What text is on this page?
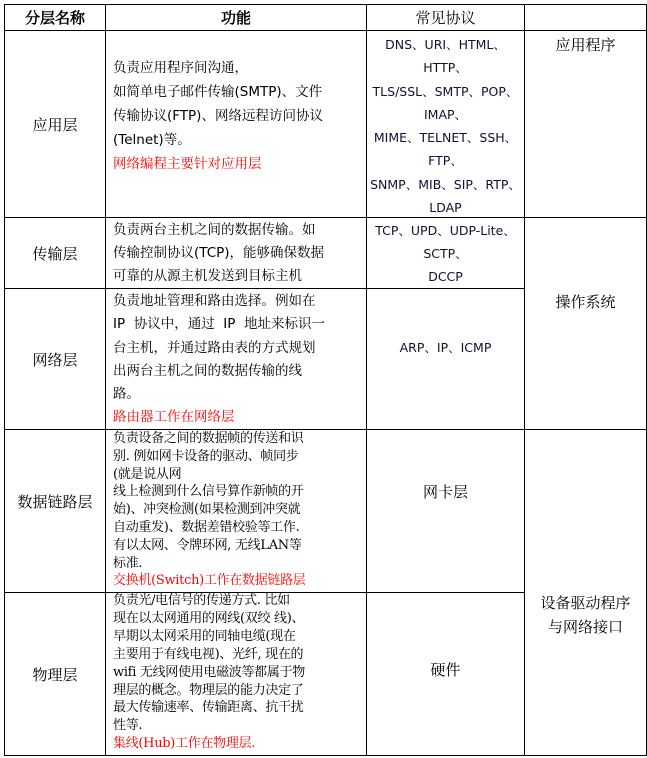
分层名称	功能	常见协议
应用层
负责应用程序间沟通，
如简单电子邮件传输(SMTP)、文件
传输协议(FTP)、网络远程访问协议
(Telnet)等。
网络编程主要针对应用层
DNS、URI、HTML、
HTTP、
TLS/SSL、SMTP、POP、
IMAP、
MIME、TELNET、SSH、
FTP、
SNMP、MIB、SIP、RTP、
LDAP
应用程序
传输层
负责两台主机之间的数据传输。如
传输控制协议(TCP)，能够确保数据
可靠的从源主机发送到目标主机
TCP、UPD、UDP-Lite、
SCTP、
DCCP
操作系统
网络层
负责地址管理和路由选择。例如在
IP  协议中，通过  IP  地址来标识一
台主机，并通过路由表的方式规划
出两台主机之间的数据传输的线
路。
路由器工作在网络层
ARP、IP、ICMP
数据链路层
负责设备之间的数据帧的传送和识
别. 例如网卡设备的驱动、帧同步
(就是说从网
线上检测到什么信号算作新帧的开
始)、冲突检测(如果检测到冲突就
自动重发)、数据差错校验等工作.
有以太网、令牌环网, 无线LAN等
标准.
交换机(Switch)工作在数据链路层
网卡层
设备驱动程序
与网络接口
物理层
负责光/电信号的传递方式. 比如
现在以太网通用的网线(双绞 线)、
早期以太网采用的同轴电缆(现在
主要用于有线电视)、光纤, 现在的
wifi 无线网使用电磁波等都属于物
理层的概念。物理层的能力决定了
最大传输速率、传输距离、抗干扰
性等.
集线(Hub)工作在物理层.
硬件
